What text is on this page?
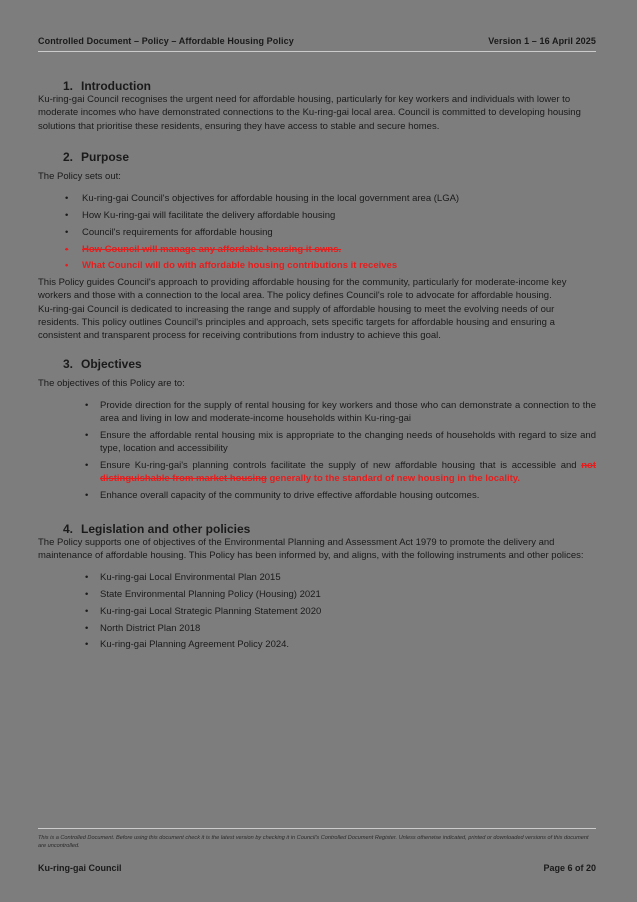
Controlled Document – Policy – Affordable Housing Policy	Version 1 – 16 April 2025
1. Introduction

Ku-ring-gai Council recognises the urgent need for affordable housing, particularly for key workers and individuals with lower to moderate incomes who have demonstrated connections to the Ku-ring-gai local area. Council is committed to developing housing solutions that prioritise these residents, ensuring they have access to stable and secure homes.

2. Purpose

The Policy sets out:

•	Ku-ring-gai Council's objectives for affordable housing in the local government area (LGA)
•	How Ku-ring-gai will facilitate the delivery affordable housing
•	Council's requirements for affordable housing
•	How Council will manage any affordable housing it owns.
•	What Council will do with affordable housing contributions it receives

This Policy guides Council's approach to providing affordable housing for the community, particularly for moderate-income key workers and those with a connection to the local area. The policy defines Council's role to advocate for affordable housing.

Ku-ring-gai Council is dedicated to increasing the range and supply of affordable housing to meet the evolving needs of our residents. This policy outlines Council's principles and approach, sets specific targets for affordable housing and ensuring a consistent and transparent process for receiving contributions from industry to achieve this goal.

3. Objectives

The objectives of this Policy are to:

•	Provide direction for the supply of rental housing for key workers and those who can demonstrate a connection to the area and living in low and moderate-income households within Ku-ring-gai
•	Ensure the affordable rental housing mix is appropriate to the changing needs of households with regard to size and type, location and accessibility
•	Ensure Ku-ring-gai's planning controls facilitate the supply of new affordable housing that is accessible and not distinguishable from market housing generally to the standard of new housing in the locality.
•	Enhance overall capacity of the community to drive effective affordable housing outcomes.
4. Legislation and other policies

The Policy supports one of objectives of the Environmental Planning and Assessment Act 1979 to promote the delivery and maintenance of affordable housing. This Policy has been informed by, and aligns, with the following instruments and other polices:

•	Ku-ring-gai Local Environmental Plan 2015
•	State Environmental Planning Policy (Housing) 2021
•	Ku-ring-gai Local Strategic Planning Statement 2020
•	North District Plan 2018
•	Ku-ring-gai Planning Agreement Policy 2024.
This is a Controlled Document. Before using this document check it is the latest version by checking it in Council's Controlled Document Register. Unless otherwise indicated, printed or downloaded versions of this document are uncontrolled.
Ku-ring-gai Council	Page 6 of 20
